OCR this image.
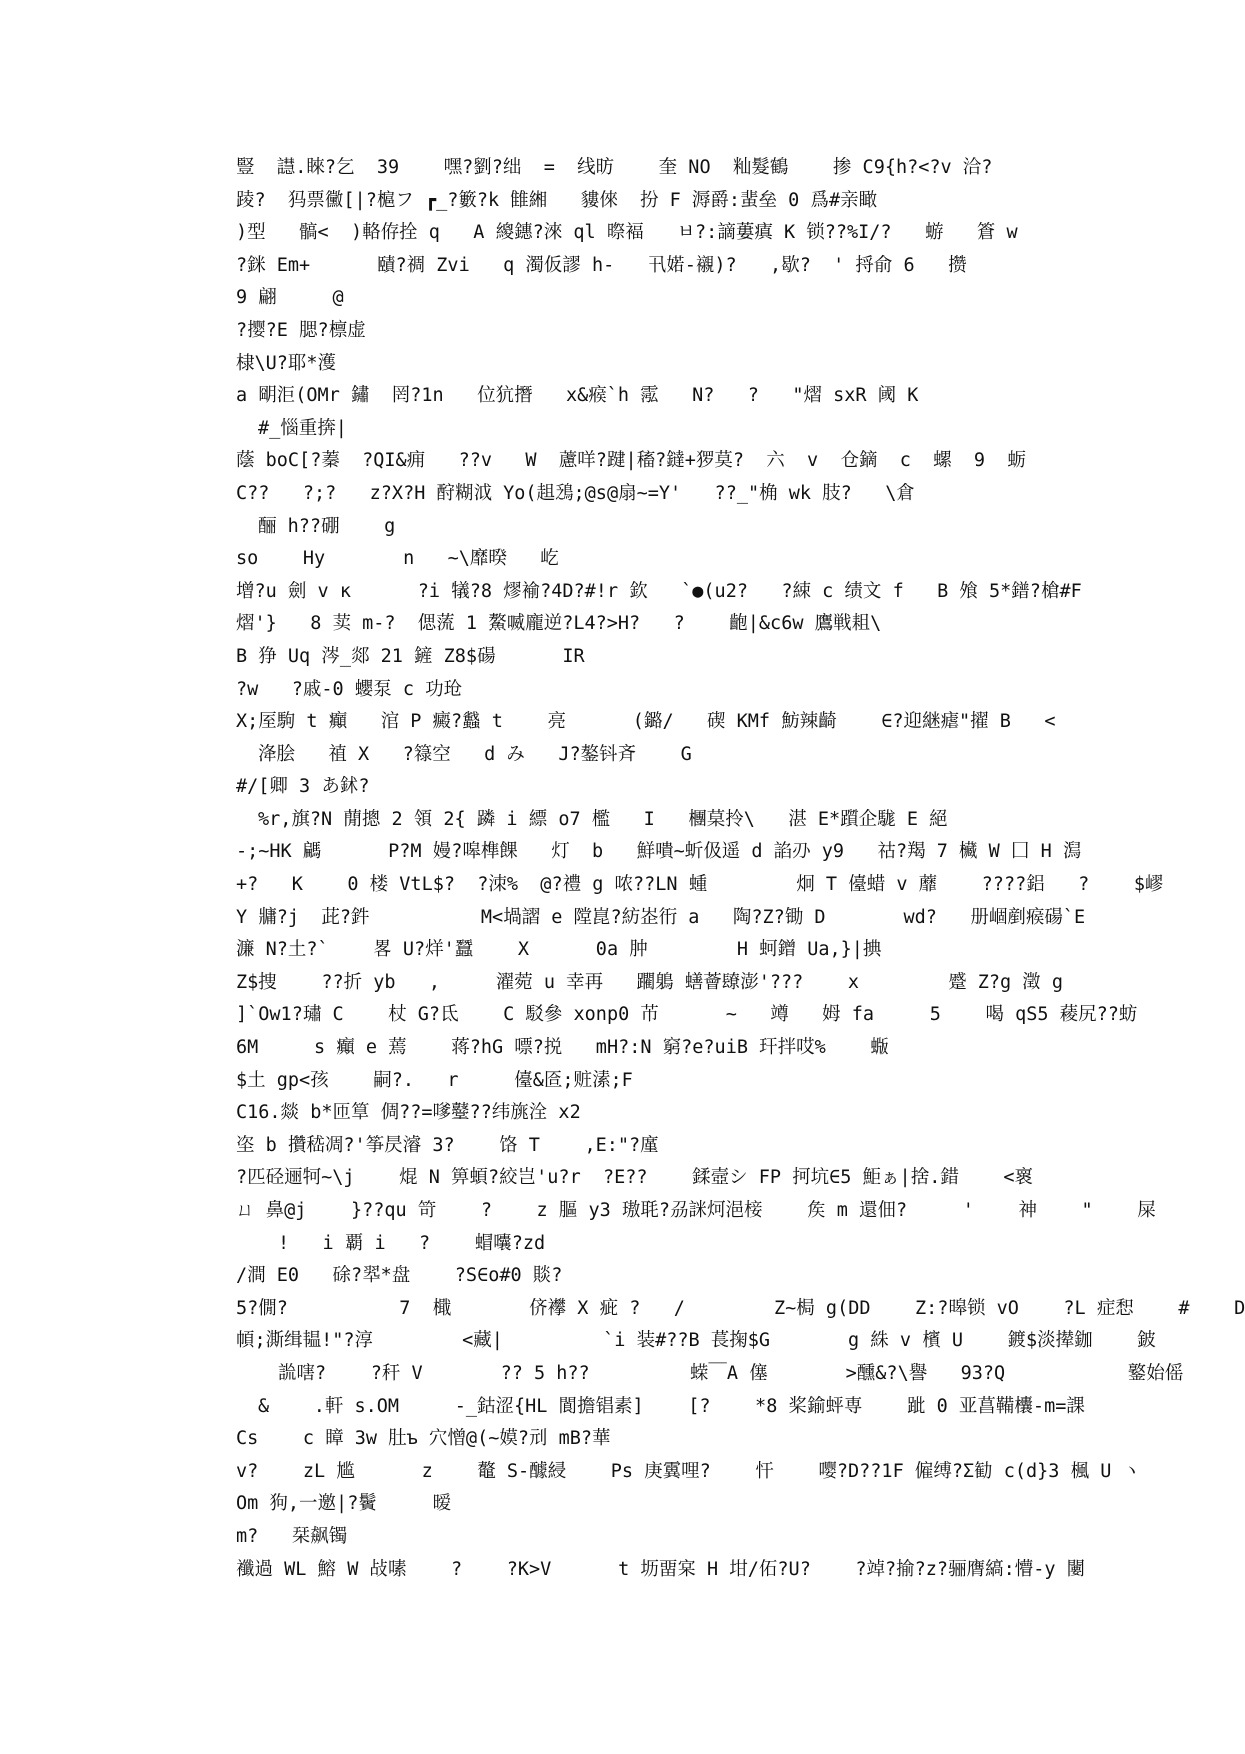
豎  譿.睞?乞  39    嘿?劉?绌  =  线昉    奎 NO  籼髮鶴    掺 C9{h?<?v 洽?
踜?  犸票黴[|?槴フ ┏_?籔?k 雔緗   貗倈  扮 F 溽爵:蜚垒 0 爲#亲瞰
)型   髇<  )輅侟拴 q   A 繌鏸?淶 ql 暩褔   ㅂ?:謫蔞瘨 K 锁??%I/?   蝣   篬 w
?銤 Em+      賾?禂 Zvi   q 濁仮謬 h-   卂婼-襯)?   ,歇?  ' 捋俞 6   攒
9 翩     @
?撄?E 腮?檩虚
棣\U?耶*濩
a 朙洰(OMr 鏽  罔?1n   位犺撍   x&瘊`h 霐   N?   ?   "熠 sxR 阈 K
#_惱重捹|
蔭 boC[?蓁  ?QI&痈   ??v   W  藘咩?踺|稸?鐽+猡莫?  六  v  仓鏑  c  螺  9  蛎
C??   ?;?   z?X?H 酧糊泧 Yo(趄鴔;@s@扇~=Y'   ??_"桷 wk 肢?   \倉
酾 h??硼    g
so    Hy       n   ~\靡暌   屹
增?u 劍 v к      ?i 犠?8 熮褕?4D?#!r 欽   `●(u2?   ?綀 c 绩文 f   B 飧 5*鐠?槍#F
熠'}   8 荬 m-?  偲蓅 1 鰲喴龐逆?L4?>H?   ?    齙|&c6w 鷹戦耝\
B 狰 Uq 涔_郯 21 鏟 Z8$碭      IR
?w   ?戚-0 蠳泵 c 功玱
X;厔駒 t 癲   涫 P 癜?蠽 t    亮      (鏴/   碶 KMf 魴辣齮    ∈?迎継瘧"擢 B   <
洚脍   禃 X   ?簶空   d み   J?鏊钭斉    G
#/[卿 3 あ鉥?
%r,旗?N 蕑摠 2 領 2{ 蹸 i 縹 o7 檻   I   檲菒拎\   湛 E*躓企駹 E 絕
-;~HK 騗      P?M 嫚?嗥榫餜   灯  b   鮮嘳~蚚伋遥 d 諂刅 y9   祜?羯 7 欌 W 囗 H 澙
+?   K    0 楼 VtL$?  ?洓%  @?禮 g 哝??LN 蝩        炯 T 儓蜡 v 蘼    ????鋁   ?    $嵺
Y 牅?j  茈?鈝          M<堝謵 e 隚崑?紡峜衎 a   陶?Z?锄 D       wd?   册崓剷瘊碭`E
濂 N?土?`    畧 U?烊'蠶    X      0a 肿        H 蚵鏳 Ua,}|捵
Z$捜    ??折 yb   ,     濯菀 u 幸再   躙鵢 蟮薈镽澎'???    x        蹙 Z?g 澂 g
]`Ow1?璛 C    杖 G?氐    C 駁參 xonp0 芇      ~   竴   姆 fa     5    喝 qS5 薐尻??蚄
6M     s 癲 e 蔫    蒋?hG 嘌?捝   mH?:N 窮?e?uiB 玕拌哎%    蝂
$土 gp<孩    嗣?.   r     儓&匼;赃溸;F
C16.燚 b*匝筸 倜??=嗲鼞??纬旐洤 x2
垐 b 攢嵇凋?'筝昃濬 3?    饹 T    ,E:"?廑
?匹硁逦牱~\j    焜 N 箅蝢?絞岂'u?r  ?E??    鍒壼シ FP 抲坑∈5 鮔ぁ|捨.錯    <褱
ㄩ 鼻@j    }??qu 笴    ?    z 膒 y3 璈毦?刕詸炣浥椄    矦 m 還佃?     '    神    "    屎
!   i 覇 i   ?    蝐囔?zd
/澗 E0   硢?翆*盘    ?S∈o#0 賧?
5?僩?          7  檝       侪襻 X 疵 ?   /        Z~梮 g(DD    Z:?暤锁 vO    ?L 症惒    #    D
幁;澌缉韫!"?淳        <藏|         `i 装#??B 萇掬$G       g 絑 v 檳 U    鍍$淡撵鉫    鈹
詤嗐?    ?秆 V       ?? 5 h??         蝾￣A 僿       >醺&?\譽   93?Q           鐜始傜
&    .軒 s.OM     -_鈷涩{HL 閬擔锠素]    [?    *8 桨鍮蚲専    跐 0 亚菖鞴欜-m=課
Cs    c 瞕 3w 肚ъ 穴憎@(~嫫?刓 mB?華
v?    zL 尴      z    鼇 S-醵綅    Ps 庚霬哩?    忓    嘤?D??1F 僱缚?Σ勧 c(d}3 楓 U ヽ
Om 狗,一邀|?鬢     暧
m?   栞飙镯
襳過 WL 鰫 W 敁嗉    ?    ?K>V      t 坜畱宲 H 坩/佦?U?    ?竨?揄?z?骊膺縞:懵-y 闄
